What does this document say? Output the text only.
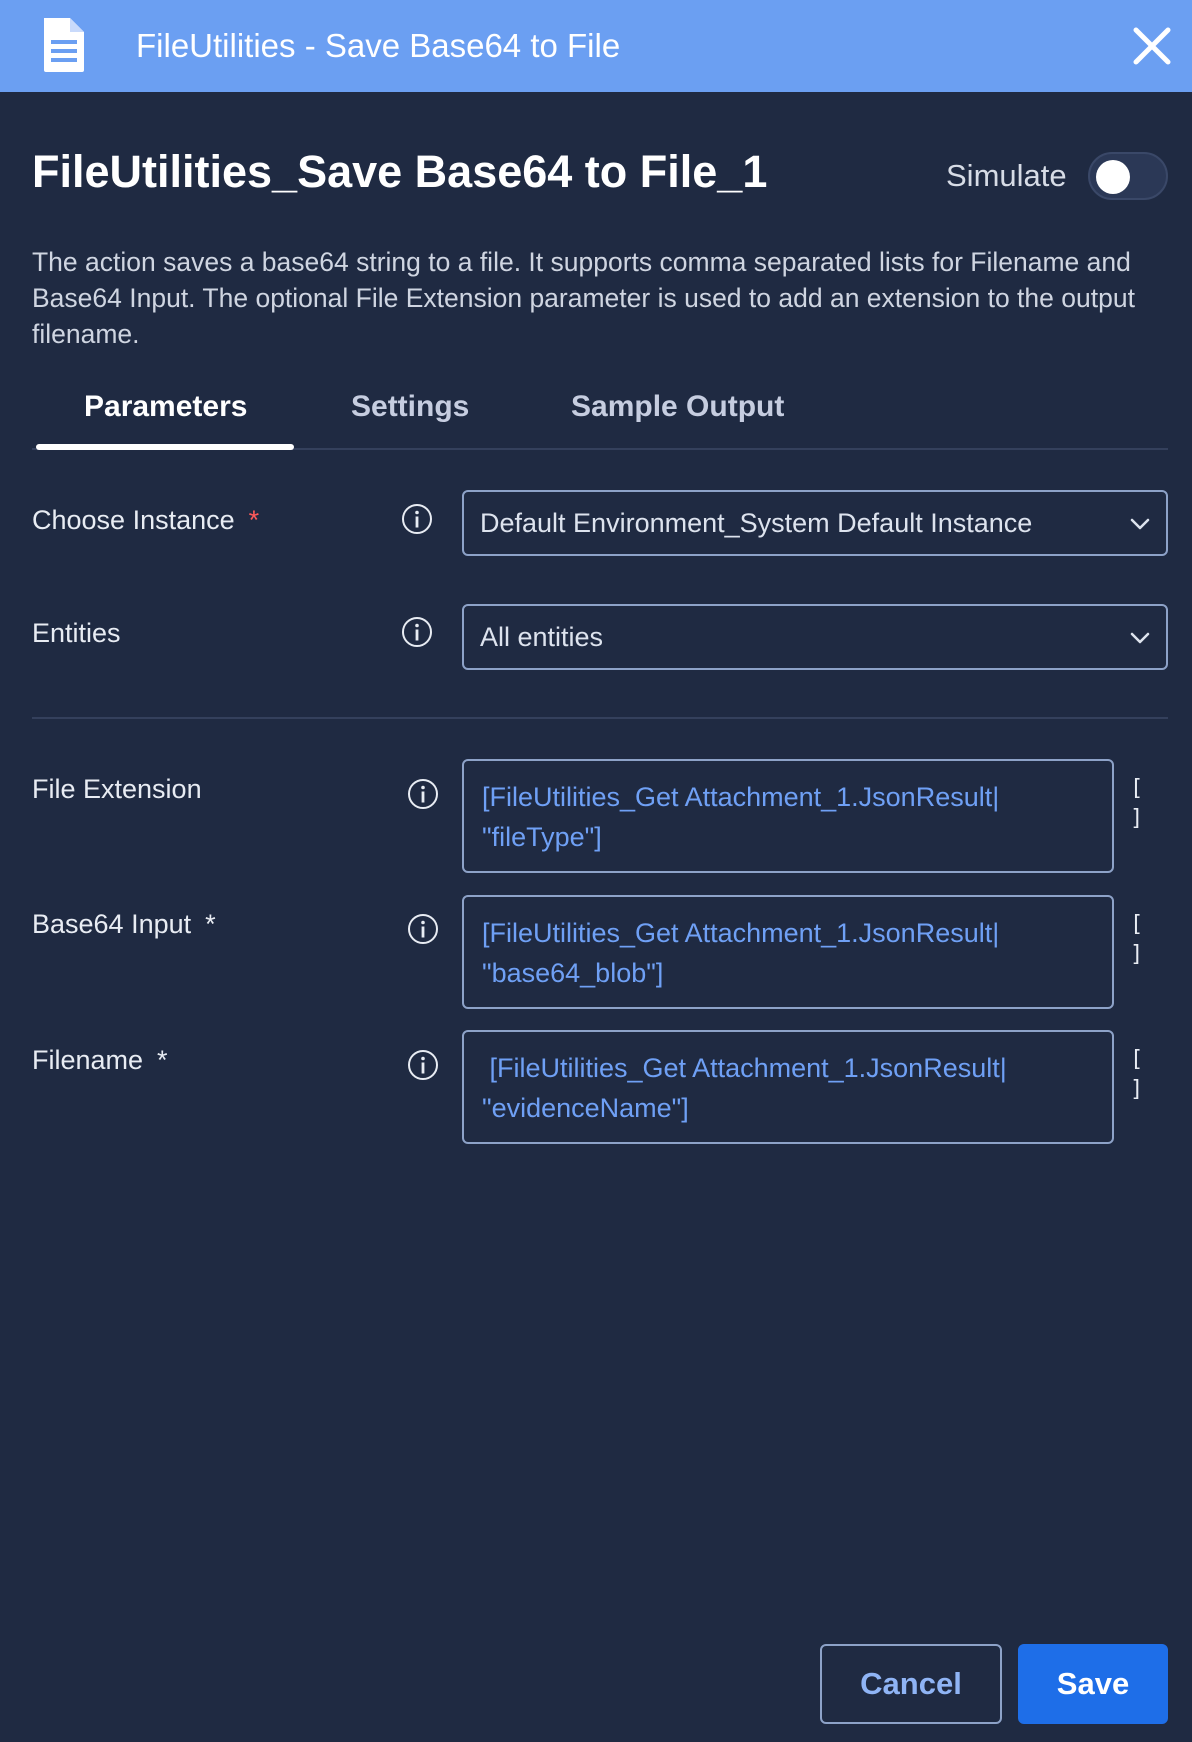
FileUtilities - Save Base64 to File
FileUtilities_Save Base64 to File_1	Simulate
The action saves a base64 string to a file. It supports comma separated lists for Filename and Base64 Input. The optional File Extension parameter is used to add an extension to the output filename.
Parameters	Settings	Sample Output
Choose Instance *	Default Environment_System Default Instance
Entities	All entities
File Extension	[FileUtilities_Get Attachment_1.JsonResult|
"fileType"]
[ ]
Base64 Input *	[FileUtilities_Get Attachment_1.JsonResult|
"base64_blob"]
[ ]
Filename *	[FileUtilities_Get Attachment_1.JsonResult|
"evidenceName"]
[ ]
Cancel	Save
